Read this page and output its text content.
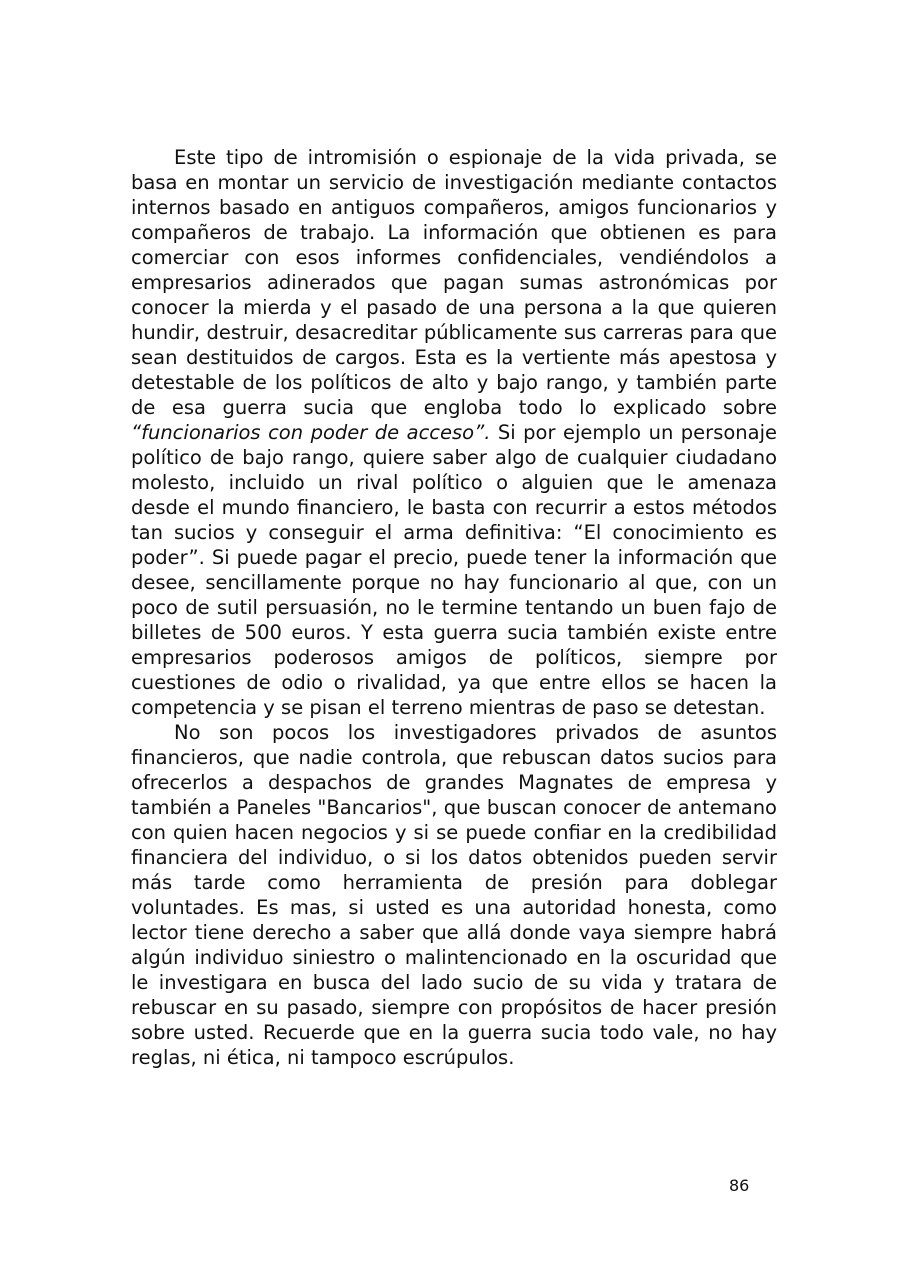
Este tipo de intromisión o espionaje de la vida privada, se basa en montar un servicio de investigación mediante contactos internos basado en antiguos compañeros, amigos funcionarios y compañeros de trabajo. La información que obtienen es para comerciar con esos informes confidenciales, vendiéndolos a empresarios adinerados que pagan sumas astronómicas por conocer la mierda y el pasado de una persona a la que quieren hundir, destruir, desacreditar públicamente sus carreras para que sean destituidos de cargos. Esta es la vertiente más apestosa y detestable de los políticos de alto y bajo rango, y también parte de esa guerra sucia que engloba todo lo explicado sobre “funcionarios con poder de acceso”. Si por ejemplo un personaje político de bajo rango, quiere saber algo de cualquier ciudadano molesto, incluido un rival político o alguien que le amenaza desde el mundo financiero, le basta con recurrir a estos métodos tan sucios y conseguir el arma definitiva: “El conocimiento es poder”. Si puede pagar el precio, puede tener la información que desee, sencillamente porque no hay funcionario al que, con un poco de sutil persuasión, no le termine tentando un buen fajo de billetes de 500 euros. Y esta guerra sucia también existe entre empresarios poderosos amigos de políticos, siempre por cuestiones de odio o rivalidad, ya que entre ellos se hacen la competencia y se pisan el terreno mientras de paso se detestan.

No son pocos los investigadores privados de asuntos financieros, que nadie controla, que rebuscan datos sucios para ofrecerlos a despachos de grandes Magnates de empresa y también a Paneles "Bancarios", que buscan conocer de antemano con quien hacen negocios y si se puede confiar en la credibilidad financiera del individuo, o si los datos obtenidos pueden servir más tarde como herramienta de presión para doblegar voluntades. Es mas, si usted es una autoridad honesta, como lector tiene derecho a saber que allá donde vaya siempre habrá algún individuo siniestro o malintencionado en la oscuridad que le investigara en busca del lado sucio de su vida y tratara de rebuscar en su pasado, siempre con propósitos de hacer presión sobre usted. Recuerde que en la guerra sucia todo vale, no hay reglas, ni ética, ni tampoco escrúpulos.

86
